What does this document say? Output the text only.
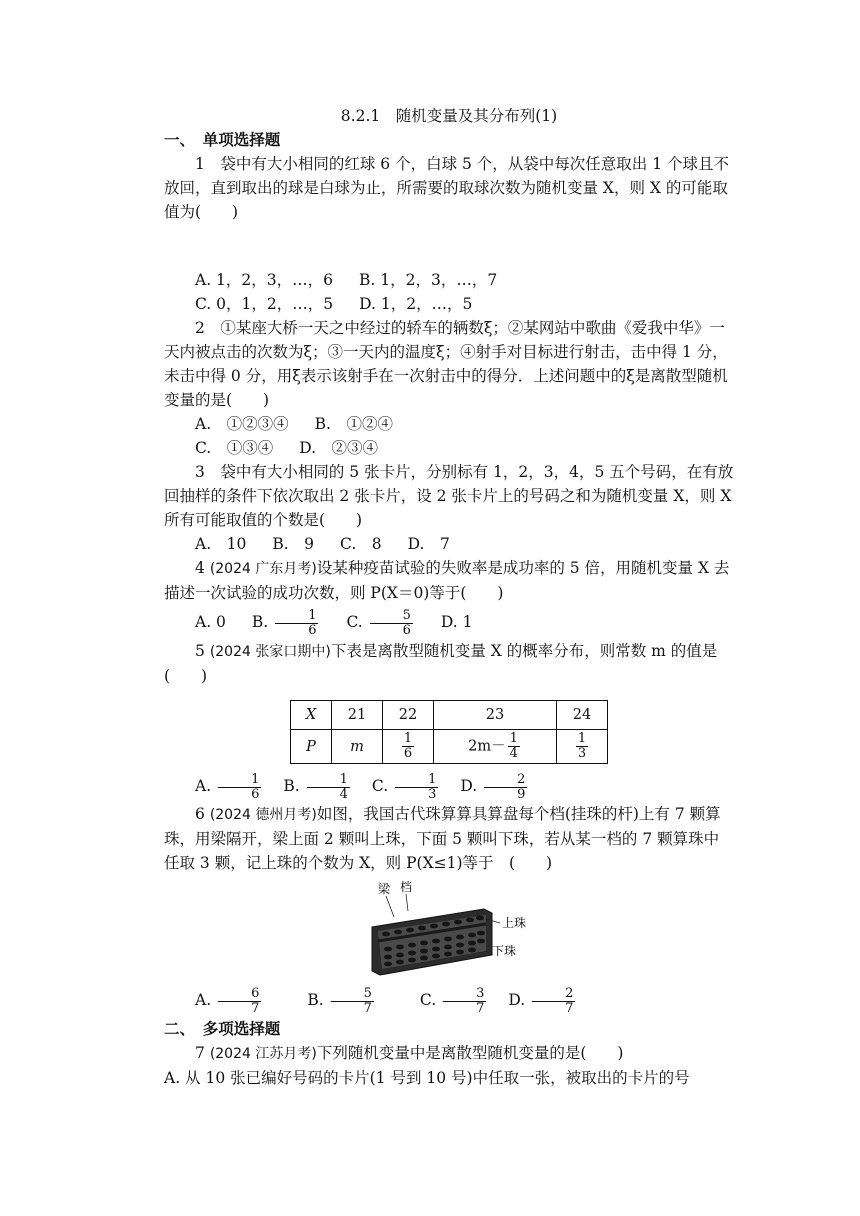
8.2.1　随机变量及其分布列(1)

一、　单项选择题

1　袋中有大小相同的红球 6 个，白球 5 个，从袋中每次任意取出 1 个球且不放回，直到取出的球是白球为止，所需要的取球次数为随机变量 X，则 X 的可能取值为(　　)

A. 1，2，3，…，6 B. 1，2，3，…，7

C. 0，1，2，…，5 D. 1，2，…，5

2　①某座大桥一天之中经过的轿车的辆数ξ；②某网站中歌曲《爱我中华》一天内被点击的次数为ξ；③一天内的温度ξ；④射手对目标进行射击，击中得 1 分，未击中得 0 分，用ξ表示该射手在一次射击中的得分．上述问题中的ξ是离散型随机变量的是(　　)

A.　①②③④ B.　①②④

C.　①③④ D.　②③④

3　袋中有大小相同的 5 张卡片，分别标有 1，2，3，4，5 五个号码，在有放回抽样的条件下依次取出 2 张卡片，设 2 张卡片上的号码之和为随机变量 X，则 X 所有可能取值的个数是(　　)

A.　10 B.　9 C.　8 D.　7

4 (2024 广东月考)设某种疫苗试验的失败率是成功率的 5 倍，用随机变量 X 去描述一次试验的成功次数，则 P(X＝0)等于(　　)

A. 0 B. $\frac{1}{6} C$. $\frac{5}{6} D$. 1

5 (2024 张家口期中)下表是离散型随机变量 X 的概率分布，则常数 m 的值是(　　)

X	21	22	23	24
P	m	$\frac{1}{6}$	$2m- \frac{1}{4}$	$\frac{1}{3}$

A. $\frac{1}{6} B$. $\frac{1}{4} C$. $\frac{1}{3} D$. $\frac{2}{9}$

6 (2024 德州月考)如图，我国古代珠算算具算盘每个档(挂珠的杆)上有 7 颗算珠，用梁隔开，梁上面 2 颗叫上珠，下面 5 颗叫下珠，若从某一档的 7 颗算珠中任取 3 颗，记上珠的个数为 X，则 P(X≤1)等于　(　　)

梁 档
上珠
下珠

A. $\frac{6}{7}$	B. $\frac{5}{7}$	C. $\frac{3}{7} D$. $\frac{2}{7}$

二、　多项选择题

7 (2024 江苏月考)下列随机变量中是离散型随机变量的是(　　)

A. 从 10 张已编好号码的卡片(1 号到 10 号)中任取一张，被取出的卡片的号
